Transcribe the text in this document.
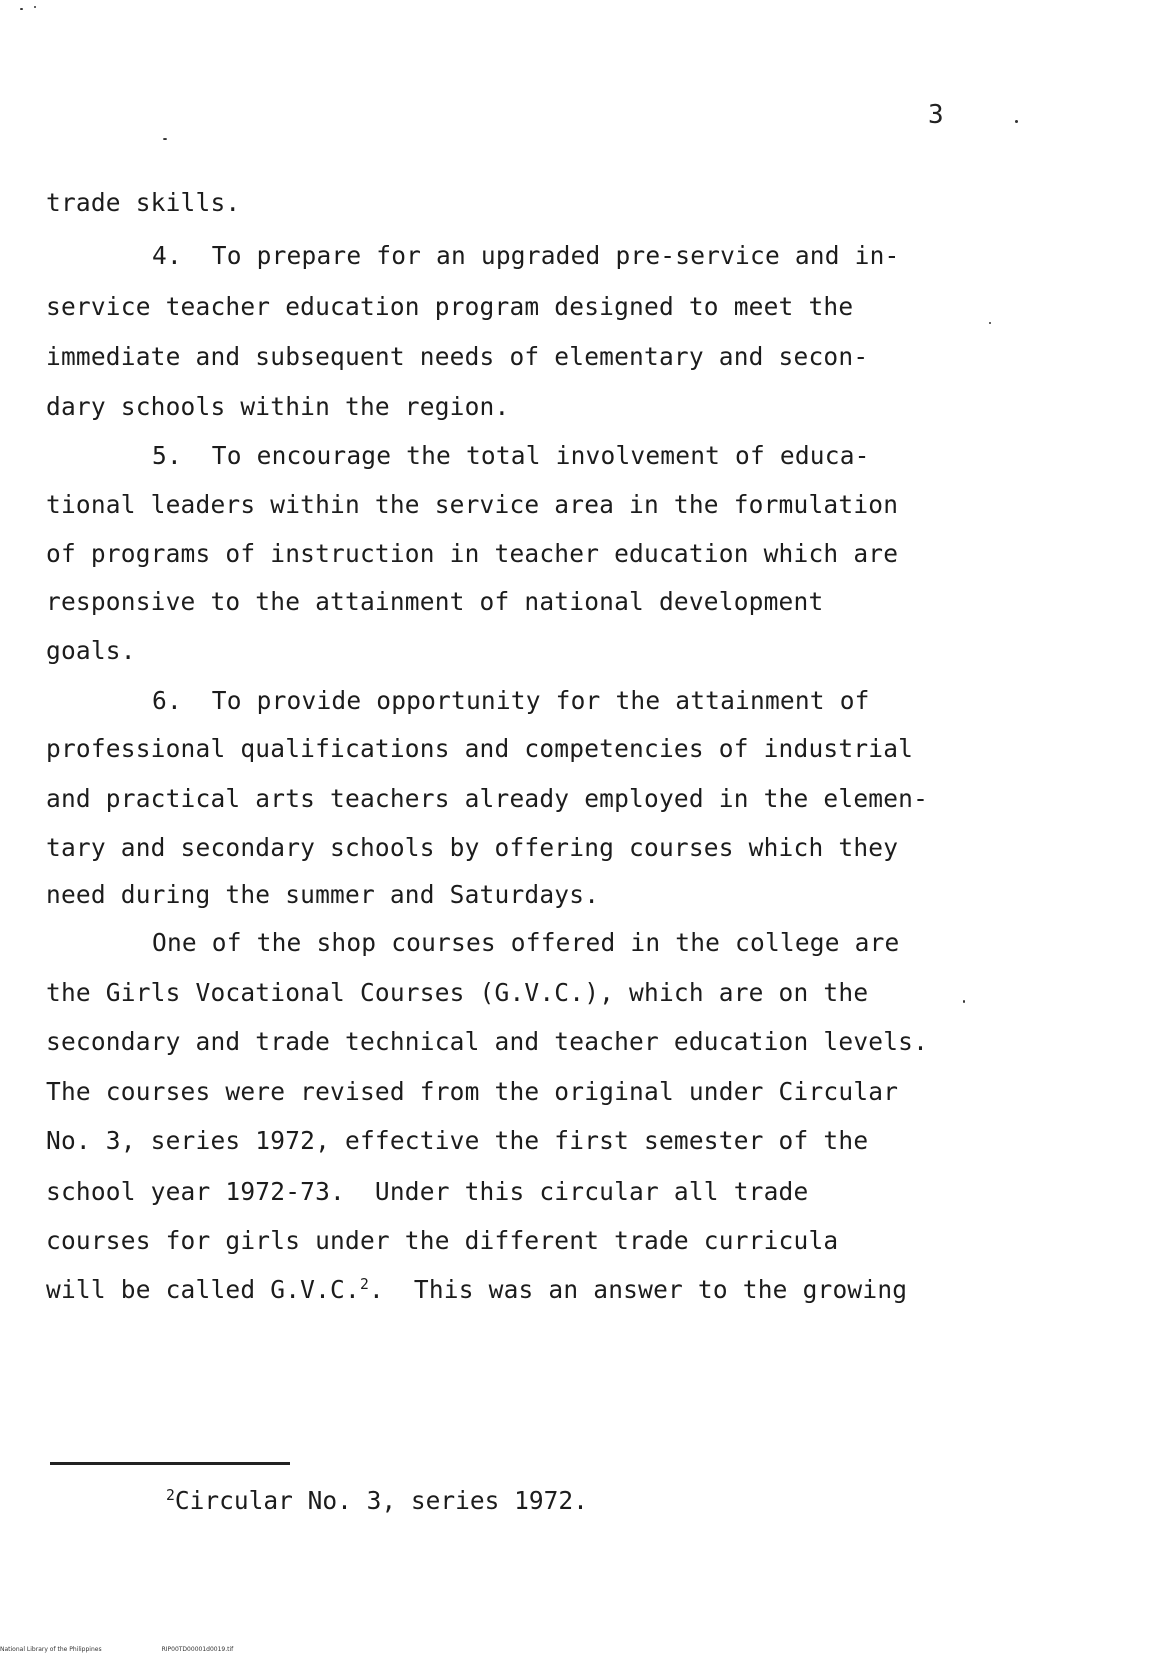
3
trade skills.
4.  To prepare for an upgraded pre-service and in-
service teacher education program designed to meet the
immediate and subsequent needs of elementary and secon-
dary schools within the region.
5.  To encourage the total involvement of educa-
tional leaders within the service area in the formulation
of programs of instruction in teacher education which are
responsive to the attainment of national development
goals.
6.  To provide opportunity for the attainment of
professional qualifications and competencies of industrial
and practical arts teachers already employed in the elemen-
tary and secondary schools by offering courses which they
need during the summer and Saturdays.
One of the shop courses offered in the college are
the Girls Vocational Courses (G.V.C.), which are on the
secondary and trade technical and teacher education levels.
The courses were revised from the original under Circular
No. 3, series 1972, effective the first semester of the
school year 1972-73.  Under this circular all trade
courses for girls under the different trade curricula
will be called G.V.C.$^2$.  This was an answer to the growing
$^2$Circular No. 3, series 1972.
National Library of the Philippines	RIP00TD00001d0019.tif
